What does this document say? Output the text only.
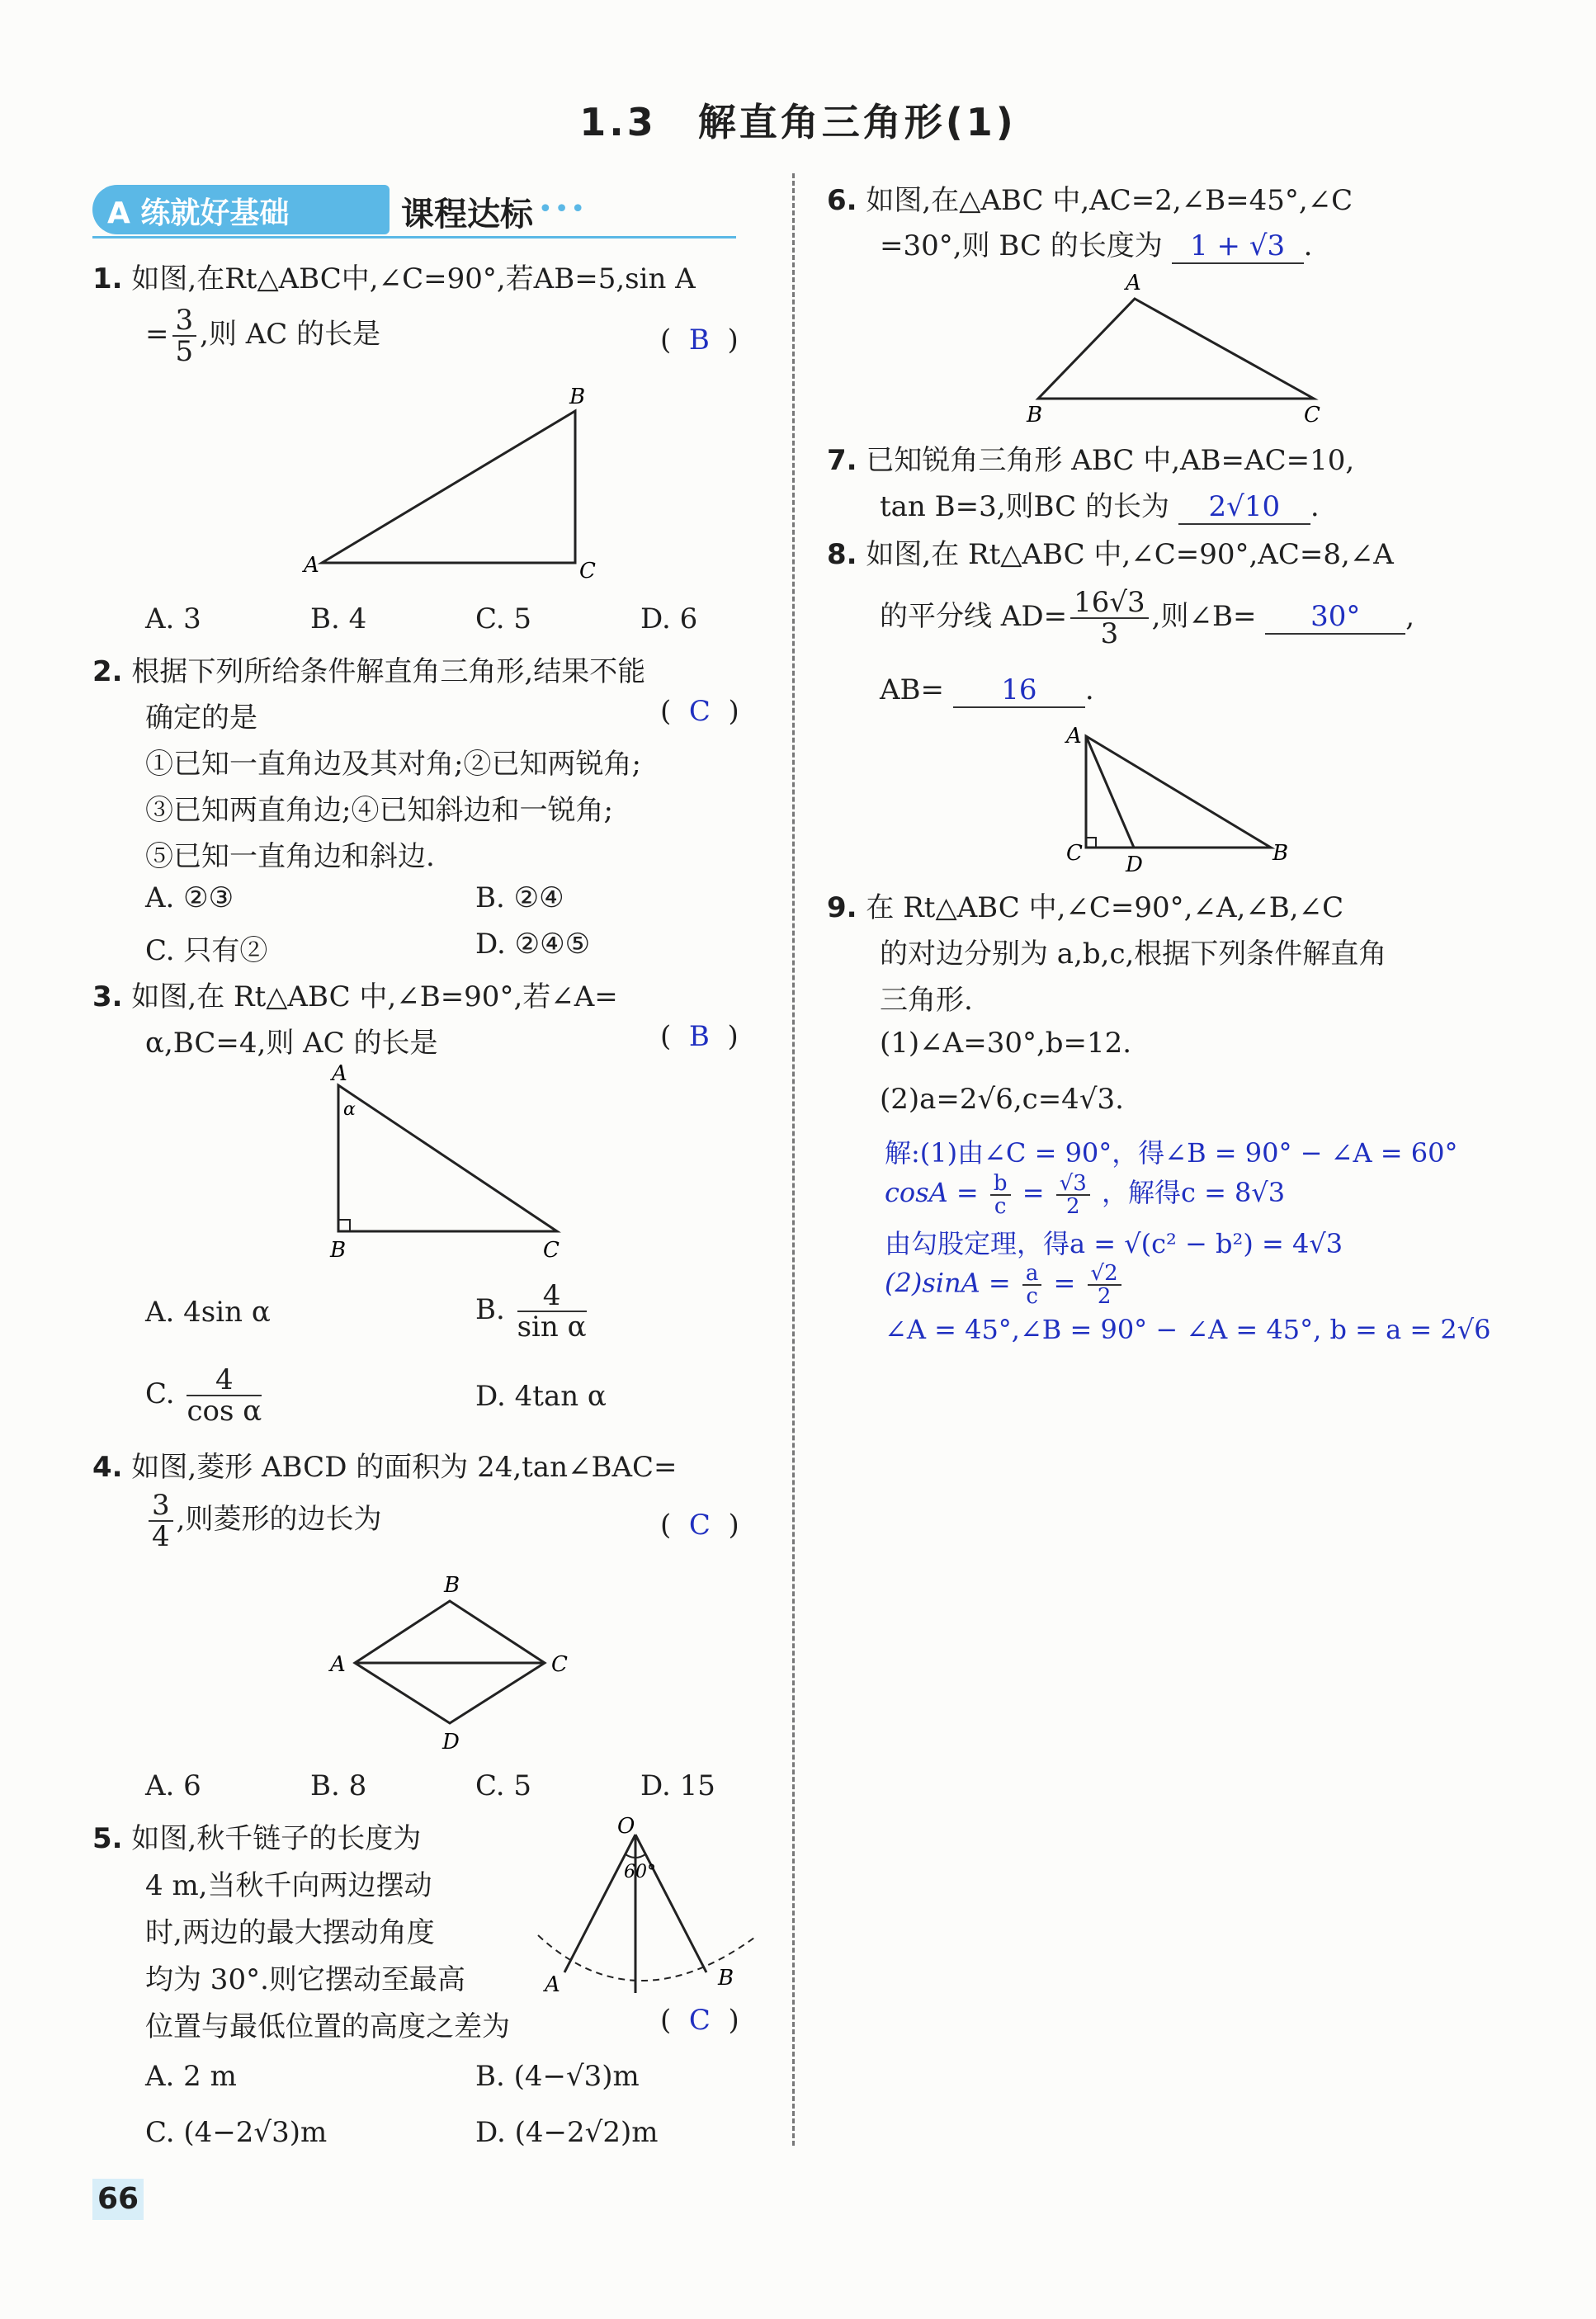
1.3　解直角三角形(1)
A 练就好基础	课程达标 •••
1. 如图,在Rt△ABC中,∠C=90°,若AB=5,sin A
= $\frac{3}{5}$ ,则 AC 的长是	(  B  )
A
B
C
A. 3	B. 4	C. 5	D. 6
2. 根据下列所给条件解直角三角形,结果不能
确定的是	(  C  )
①已知一直角边及其对角;②已知两锐角;
③已知两直角边;④已知斜边和一锐角;
⑤已知一直角边和斜边.
A. ②③	B. ②④
C. 只有②	D. ②④⑤
3. 如图,在 Rt△ABC 中,∠B=90°,若∠A=
α,BC=4,则 AC 的长是	(  B  )
A
α
B	C
A. 4sin α	B. $\frac{4}{\text{sin α}}$
C. $\frac{4}{\text{cos α}}$	D. 4tan α
4. 如图,菱形 ABCD 的面积为 24,tan∠BAC=
$\frac{3}{4}$ ,则菱形的边长为	(  C  )
A
B
C
D
A. 6	B. 8	C. 5	D. 15
5. 如图,秋千链子的长度为
4 m,当秋千向两边摆动
时,两边的最大摆动角度
均为 30°.则它摆动至最高
位置与最低位置的高度之差为	(  C  )
O
60°
A	B
A. 2 m	B. (4−√3)m
C. (4−2√3)m	D. (4−2√2)m
6. 如图,在△ABC 中,AC=2,∠B=45°,∠C
=30°,则 BC 的长度为 1 + √3 .
A
B	C
7. 已知锐角三角形 ABC 中,AB=AC=10,
tan B=3,则BC 的长为 2√10 .
8. 如图,在 Rt△ABC 中,∠C=90°,AC=8,∠A
的平分线 $AD= \frac{16√3}{3}$ ,则∠B= 30° ,
AB= 16 .
A
C D	B
9. 在 Rt△ABC 中,∠C=90°,∠A,∠B,∠C
的对边分别为 a,b,c,根据下列条件解直角
三角形.
(1)∠A=30°,b=12.
(2)a=2√6,c=4√3.
解:(1)由∠C = 90°，得∠B = 90° − ∠A = 60°
$\cos A = \frac{b}{c} = \frac{√3}{2}$ ，解得c = 8√3
由勾股定理，得a = √(c² − b²) = 4√3
$(2)\sin A = \frac{a}{c} = \frac{√2}{2}$
∠A = 45°,∠B = 90° − ∠A = 45°, b = a = 2√6
66
